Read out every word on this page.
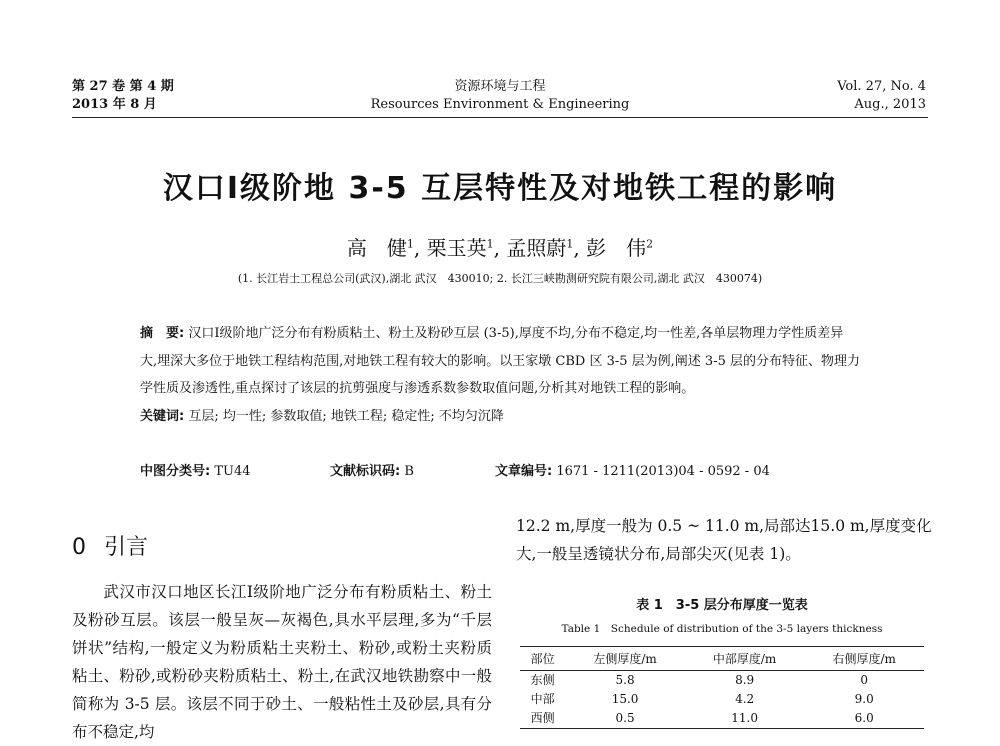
第 27 卷 第 4 期
2013 年 8 月
资源环境与工程
Resources Environment & Engineering
Vol. 27, No. 4
Aug., 2013
汉口Ⅰ级阶地 3-5 互层特性及对地铁工程的影响
高　健$^1$, 栗玉英$^1$, 孟照蔚$^1$, 彭　伟$^2$
(1. 长江岩土工程总公司(武汉),湖北 武汉　430010; 2. 长江三峡勘测研究院有限公司,湖北 武汉　430074)
摘　要: 汉口Ⅰ级阶地广泛分布有粉质粘土、粉土及粉砂互层 (3-5),厚度不均,分布不稳定,均一性差,各单层物理力学性质差异大,埋深大多位于地铁工程结构范围,对地铁工程有较大的影响。以王家墩 CBD 区 3-5 层为例,阐述 3-5 层的分布特征、物理力学性质及渗透性,重点探讨了该层的抗剪强度与渗透系数参数取值问题,分析其对地铁工程的影响。
关键词: 互层; 均一性; 参数取值; 地铁工程; 稳定性; 不均匀沉降
中图分类号: TU44	文献标识码: B	文章编号: 1671 - 1211(2013)04 - 0592 - 04
0 引言
武汉市汉口地区长江Ⅰ级阶地广泛分布有粉质粘土、粉土及粉砂互层。该层一般呈灰—灰褐色,具水平层理,多为“千层饼状”结构,一般定义为粉质粘土夹粉土、粉砂,或粉土夹粉质粘土、粉砂,或粉砂夹粉质粘土、粉土,在武汉地铁勘察中一般简称为 3-5 层。该层不同于砂土、一般粘性土及砂层,具有分布不稳定,均
12.2 m,厚度一般为 0.5 ~ 11.0 m,局部达15.0 m,厚度变化大,一般呈透镜状分布,局部尖灭(见表 1)。
表 1　3-5 层分布厚度一览表
Table 1　Schedule of distribution of the 3-5 layers thickness
部位	左侧厚度/m	中部厚度/m	右侧厚度/m
东侧	5.8	8.9	0
中部	15.0	4.2	9.0
西侧	0.5	11.0	6.0
